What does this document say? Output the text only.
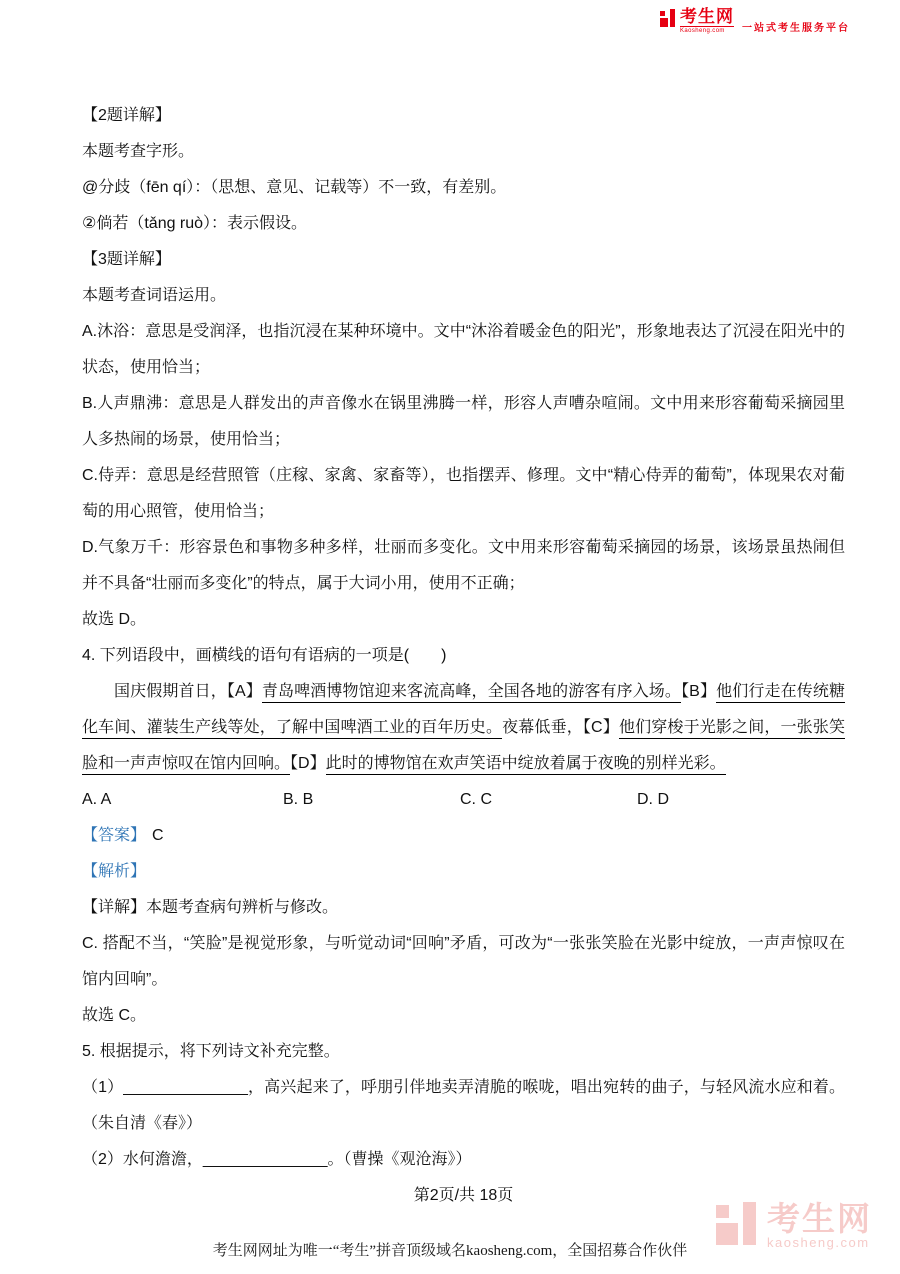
考生网
Kaosheng.com	一站式考生服务平台

【2题详解】

本题考查字形。

@分歧（fēn qí）：（思想、意见、记载等）不一致，有差别。

②倘若（tǎng ruò）：表示假设。

【3题详解】

本题考查词语运用。

A.沐浴：意思是受润泽，也指沉浸在某种环境中。文中“沐浴着暖金色的阳光”，形象地表达了沉浸在阳光中的状态，使用恰当；

B.人声鼎沸：意思是人群发出的声音像水在锅里沸腾一样，形容人声嘈杂喧闹。文中用来形容葡萄采摘园里人多热闹的场景，使用恰当；

C.侍弄：意思是经营照管（庄稼、家禽、家畜等），也指摆弄、修理。文中“精心侍弄的葡萄”，体现果农对葡萄的用心照管，使用恰当；

D.气象万千：形容景色和事物多种多样，壮丽而多变化。文中用来形容葡萄采摘园的场景，该场景虽热闹但并不具备“壮丽而多变化”的特点，属于大词小用，使用不正确；

故选 D。

4. 下列语段中，画横线的语句有语病的一项是(　　)

国庆假期首日，【A】青岛啤酒博物馆迎来客流高峰，全国各地的游客有序入场。【B】他们行走在传统糖化车间、灌装生产线等处，了解中国啤酒工业的百年历史。夜幕低垂，【C】他们穿梭于光影之间，一张张笑脸和一声声惊叹在馆内回响。【D】此时的博物馆在欢声笑语中绽放着属于夜晚的别样光彩。

A. A	B. B	C. C	D. D

【答案】 C

【解析】

【详解】本题考查病句辨析与修改。

C. 搭配不当，“笑脸”是视觉形象，与听觉动词“回响”矛盾，可改为“一张张笑脸在光影中绽放，一声声惊叹在馆内回响”。

故选 C。

5. 根据提示，将下列诗文补充完整。

（1）______________，高兴起来了，呼朋引伴地卖弄清脆的喉咙，唱出宛转的曲子，与轻风流水应和着。（朱自清《春》）

（2）水何澹澹，______________。（曹操《观沧海》）

第2页/共 18页

考生网
kaosheng.com
考生网网址为唯一“考生”拼音顶级域名kaosheng.com，全国招募合作伙伴
